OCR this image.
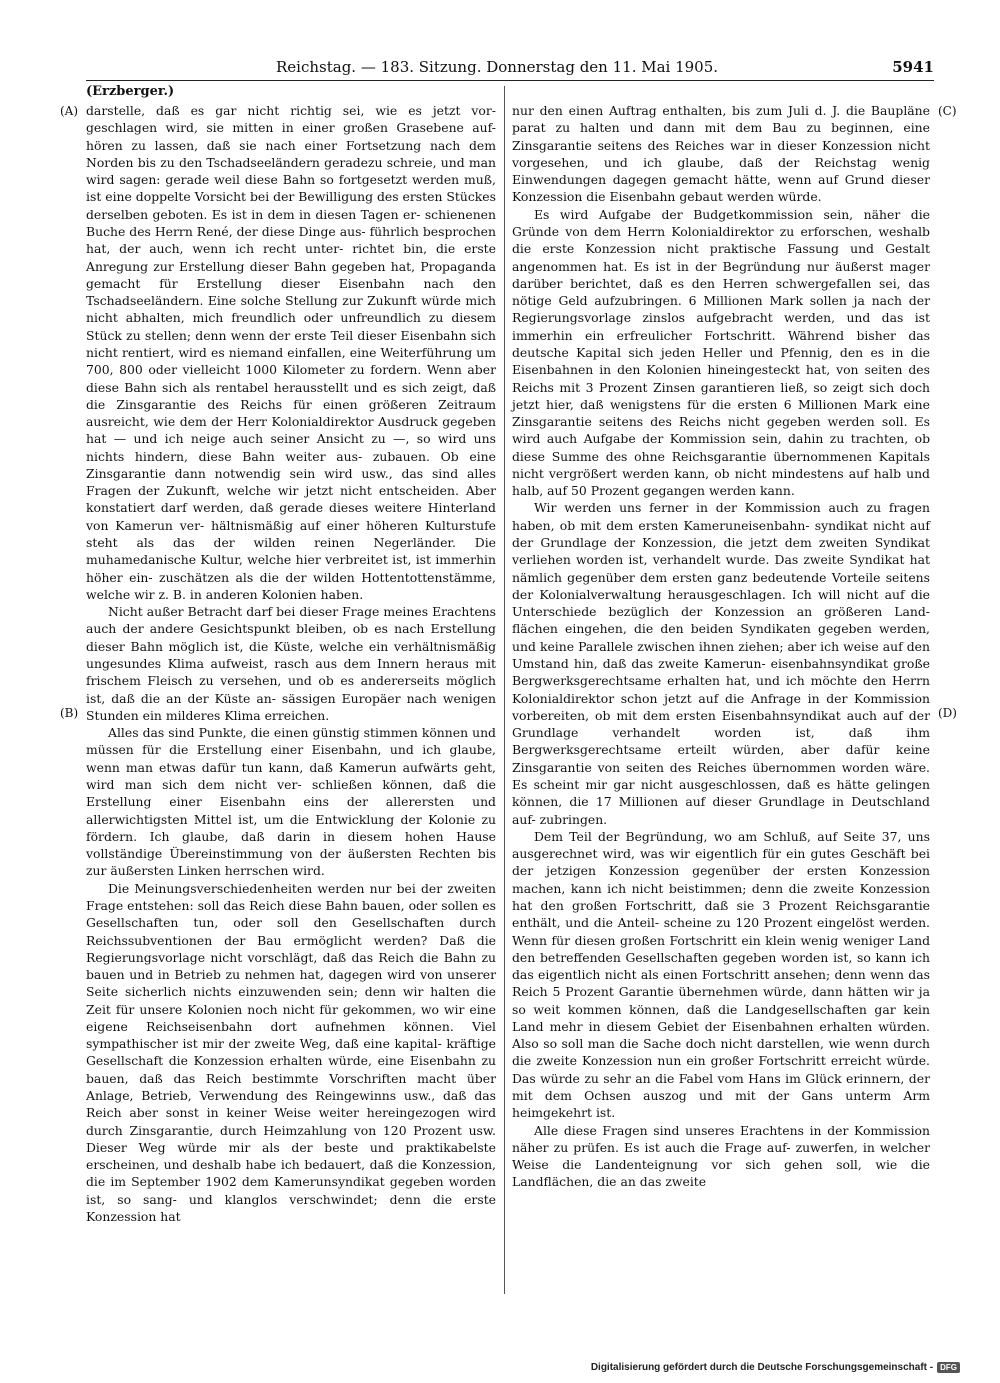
Reichstag. — 183. Sitzung. Donnerstag den 11. Mai 1905.	5941
(Erzberger.)
(A)
(B)
(C)
(D)

darstelle, daß es gar nicht richtig sei, wie es jetzt vor- geschlagen wird, sie mitten in einer großen Grasebene auf- hören zu lassen, daß sie nach einer Fortsetzung nach dem Norden bis zu den Tschadseeländern geradezu schreie, und man wird sagen: gerade weil diese Bahn so fortgesetzt werden muß, ist eine doppelte Vorsicht bei der Bewilligung des ersten Stückes derselben geboten. Es ist in dem in diesen Tagen er- schienenen Buche des Herrn René, der diese Dinge aus- führlich besprochen hat, der auch, wenn ich recht unter- richtet bin, die erste Anregung zur Erstellung dieser Bahn gegeben hat, Propaganda gemacht für Erstellung dieser Eisenbahn nach den Tschadseeländern. Eine solche Stellung zur Zukunft würde mich nicht abhalten, mich freundlich oder unfreundlich zu diesem Stück zu stellen; denn wenn der erste Teil dieser Eisenbahn sich nicht rentiert, wird es niemand einfallen, eine Weiterführung um 700, 800 oder vielleicht 1000 Kilometer zu fordern. Wenn aber diese Bahn sich als rentabel herausstellt und es sich zeigt, daß die Zinsgarantie des Reichs für einen größeren Zeitraum ausreicht, wie dem der Herr Kolonialdirektor Ausdruck gegeben hat — und ich neige auch seiner Ansicht zu —, so wird uns nichts hindern, diese Bahn weiter aus- zubauen. Ob eine Zinsgarantie dann notwendig sein wird usw., das sind alles Fragen der Zukunft, welche wir jetzt nicht entscheiden. Aber konstatiert darf werden, daß gerade dieses weitere Hinterland von Kamerun ver- hältnismäßig auf einer höheren Kulturstufe steht als das der wilden reinen Negerländer. Die muhamedanische Kultur, welche hier verbreitet ist, ist immerhin höher ein- zuschätzen als die der wilden Hottentottenstämme, welche wir z. B. in anderen Kolonien haben.

Nicht außer Betracht darf bei dieser Frage meines Erachtens auch der andere Gesichtspunkt bleiben, ob es nach Erstellung dieser Bahn möglich ist, die Küste, welche ein verhältnismäßig ungesundes Klima aufweist, rasch aus dem Innern heraus mit frischem Fleisch zu versehen, und ob es andererseits möglich ist, daß die an der Küste an- sässigen Europäer nach wenigen Stunden ein milderes Klima erreichen.

Alles das sind Punkte, die einen günstig stimmen können und müssen für die Erstellung einer Eisenbahn, und ich glaube, wenn man etwas dafür tun kann, daß Kamerun aufwärts geht, wird man sich dem nicht ver- schließen können, daß die Erstellung einer Eisenbahn eins der allerersten und allerwichtigsten Mittel ist, um die Entwicklung der Kolonie zu fördern. Ich glaube, daß darin in diesem hohen Hause vollständige Übereinstimmung von der äußersten Rechten bis zur äußersten Linken herrschen wird.

Die Meinungsverschiedenheiten werden nur bei der zweiten Frage entstehen: soll das Reich diese Bahn bauen, oder sollen es Gesellschaften tun, oder soll den Gesellschaften durch Reichssubventionen der Bau ermöglicht werden? Daß die Regierungsvorlage nicht vorschlägt, daß das Reich die Bahn zu bauen und in Betrieb zu nehmen hat, dagegen wird von unserer Seite sicherlich nichts einzuwenden sein; denn wir halten die Zeit für unsere Kolonien noch nicht für gekommen, wo wir eine eigene Reichseisenbahn dort aufnehmen können. Viel sympathischer ist mir der zweite Weg, daß eine kapital- kräftige Gesellschaft die Konzession erhalten würde, eine Eisenbahn zu bauen, daß das Reich bestimmte Vorschriften macht über Anlage, Betrieb, Verwendung des Reingewinns usw., daß das Reich aber sonst in keiner Weise weiter hereingezogen wird durch Zinsgarantie, durch Heimzahlung von 120 Prozent usw. Dieser Weg würde mir als der beste und praktikabelste erscheinen, und deshalb habe ich bedauert, daß die Konzession, die im September 1902 dem Kamerunsyndikat gegeben worden ist, so sang- und klanglos verschwindet; denn die erste Konzession hat

nur den einen Auftrag enthalten, bis zum Juli d. J. die Baupläne parat zu halten und dann mit dem Bau zu beginnen, eine Zinsgarantie seitens des Reiches war in dieser Konzession nicht vorgesehen, und ich glaube, daß der Reichstag wenig Einwendungen dagegen gemacht hätte, wenn auf Grund dieser Konzession die Eisenbahn gebaut werden würde.

Es wird Aufgabe der Budgetkommission sein, näher die Gründe von dem Herrn Kolonialdirektor zu erforschen, weshalb die erste Konzession nicht praktische Fassung und Gestalt angenommen hat. Es ist in der Begründung nur äußerst mager darüber berichtet, daß es den Herren schwergefallen sei, das nötige Geld aufzubringen. 6 Millionen Mark sollen ja nach der Regierungsvorlage zinslos aufgebracht werden, und das ist immerhin ein erfreulicher Fortschritt. Während bisher das deutsche Kapital sich jeden Heller und Pfennig, den es in die Eisenbahnen in den Kolonien hineingesteckt hat, von seiten des Reichs mit 3 Prozent Zinsen garantieren ließ, so zeigt sich doch jetzt hier, daß wenigstens für die ersten 6 Millionen Mark eine Zinsgarantie seitens des Reichs nicht gegeben werden soll. Es wird auch Aufgabe der Kommission sein, dahin zu trachten, ob diese Summe des ohne Reichsgarantie übernommenen Kapitals nicht vergrößert werden kann, ob nicht mindestens auf halb und halb, auf 50 Prozent gegangen werden kann.

Wir werden uns ferner in der Kommission auch zu fragen haben, ob mit dem ersten Kameruneisenbahn- syndikat nicht auf der Grundlage der Konzession, die jetzt dem zweiten Syndikat verliehen worden ist, verhandelt wurde. Das zweite Syndikat hat nämlich gegenüber dem ersten ganz bedeutende Vorteile seitens der Kolonialverwaltung herausgeschlagen. Ich will nicht auf die Unterschiede bezüglich der Konzession an größeren Land- flächen eingehen, die den beiden Syndikaten gegeben werden, und keine Parallele zwischen ihnen ziehen; aber ich weise auf den Umstand hin, daß das zweite Kamerun- eisenbahnsyndikat große Bergwerksgerechtsame erhalten hat, und ich möchte den Herrn Kolonialdirektor schon jetzt auf die Anfrage in der Kommission vorbereiten, ob mit dem ersten Eisenbahnsyndikat auch auf der Grundlage verhandelt worden ist, daß ihm Bergwerksgerechtsame erteilt würden, aber dafür keine Zinsgarantie von seiten des Reiches übernommen worden wäre. Es scheint mir gar nicht ausgeschlossen, daß es hätte gelingen können, die 17 Millionen auf dieser Grundlage in Deutschland auf- zubringen.

Dem Teil der Begründung, wo am Schluß, auf Seite 37, uns ausgerechnet wird, was wir eigentlich für ein gutes Geschäft bei der jetzigen Konzession gegenüber der ersten Konzession machen, kann ich nicht beistimmen; denn die zweite Konzession hat den großen Fortschritt, daß sie 3 Prozent Reichsgarantie enthält, und die Anteil- scheine zu 120 Prozent eingelöst werden. Wenn für diesen großen Fortschritt ein klein wenig weniger Land den betreffenden Gesellschaften gegeben worden ist, so kann ich das eigentlich nicht als einen Fortschritt ansehen; denn wenn das Reich 5 Prozent Garantie übernehmen würde, dann hätten wir ja so weit kommen können, daß die Landgesellschaften gar kein Land mehr in diesem Gebiet der Eisenbahnen erhalten würden. Also so soll man die Sache doch nicht darstellen, wie wenn durch die zweite Konzession nun ein großer Fortschritt erreicht würde. Das würde zu sehr an die Fabel vom Hans im Glück erinnern, der mit dem Ochsen auszog und mit der Gans unterm Arm heimgekehrt ist.

Alle diese Fragen sind unseres Erachtens in der Kommission näher zu prüfen. Es ist auch die Frage auf- zuwerfen, in welcher Weise die Landenteignung vor sich gehen soll, wie die Landflächen, die an das zweite

Digitalisierung gefördert durch die Deutsche Forschungsgemeinschaft - DFG
